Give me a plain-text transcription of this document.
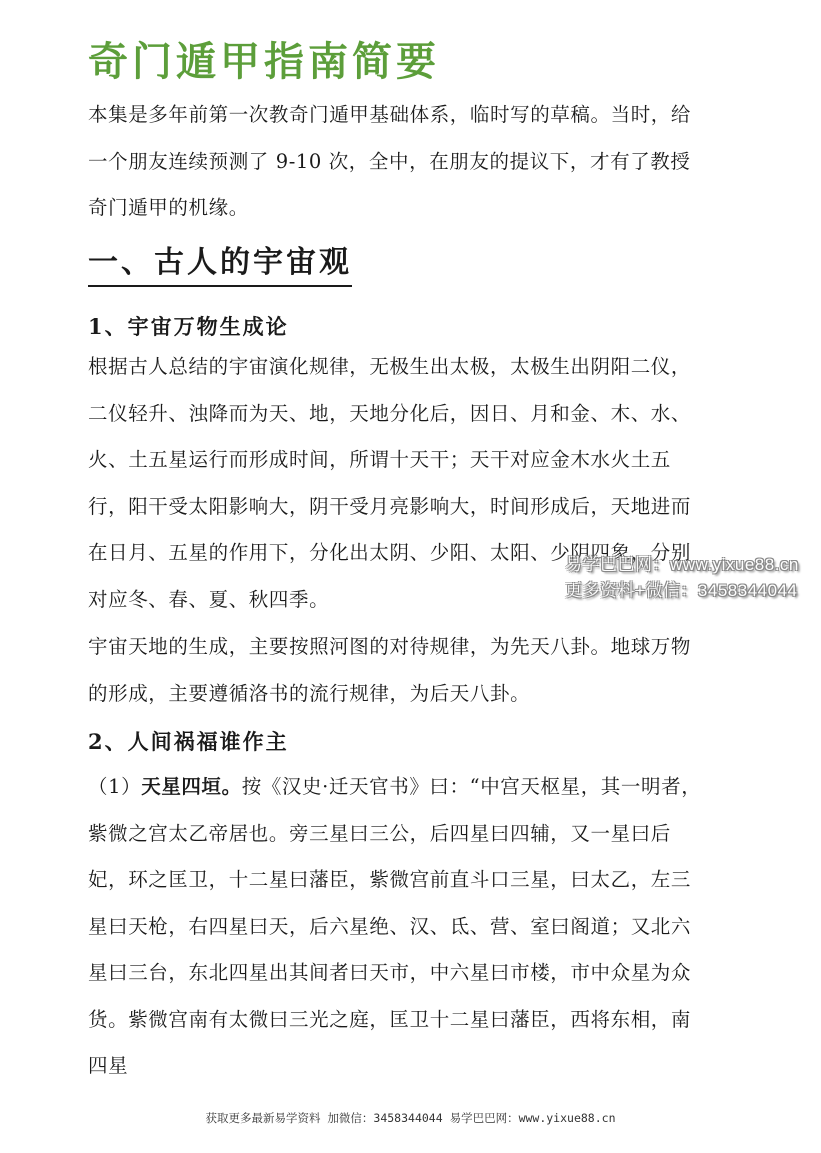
奇门遁甲指南简要

本集是多年前第一次教奇门遁甲基础体系，临时写的草稿。当时，给一个朋友连续预测了 9-10 次，全中，在朋友的提议下，才有了教授奇门遁甲的机缘。

一、古人的宇宙观
1、宇宙万物生成论

根据古人总结的宇宙演化规律，无极生出太极，太极生出阴阳二仪，二仪轻升、浊降而为天、地，天地分化后，因日、月和金、木、水、火、土五星运行而形成时间，所谓十天干；天干对应金木水火土五行，阳干受太阳影响大，阴干受月亮影响大，时间形成后，天地进而在日月、五星的作用下，分化出太阴、少阳、太阳、少阴四象，分别对应冬、春、夏、秋四季。

宇宙天地的生成，主要按照河图的对待规律，为先天八卦。地球万物的形成，主要遵循洛书的流行规律，为后天八卦。

2、人间祸福谁作主

（1）天星四垣。按《汉史·迁天官书》曰：“中宫天枢星，其一明者，紫微之宫太乙帝居也。旁三星曰三公，后四星曰四辅，又一星曰后妃，环之匡卫，十二星曰藩臣，紫微宫前直斗口三星，曰太乙，左三星曰天枪，右四星曰天，后六星绝、汉、氐、营、室曰阁道；又北六星曰三台，东北四星出其间者曰天市，中六星曰市楼，市中众星为众货。紫微宫南有太微曰三光之庭，匡卫十二星曰藩臣，西将东相，南四星

易学巴巴网：www.yixue88.cn
更多资料+微信：3458344044
获取更多最新易学资料 加微信：3458344044 易学巴巴网：www.yixue88.cn
